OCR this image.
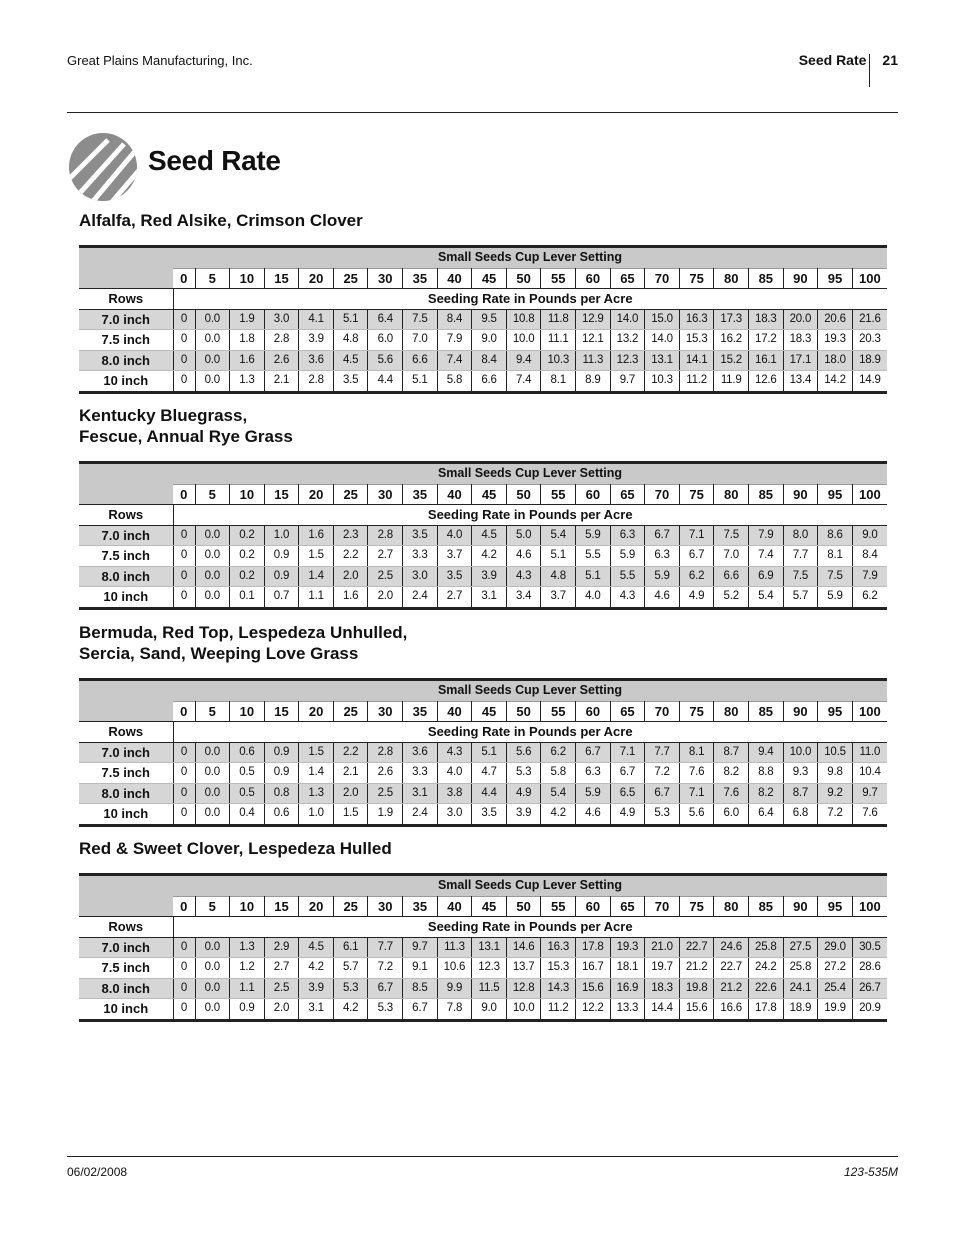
Great Plains Manufacturing, Inc.	Seed Rate 21
Seed Rate
Alfalfa, Red Alsike, Crimson Clover
	Small Seeds Cup Lever Setting																				
	0	5	10	15	20	25	30	35	40	45	50	55	60	65	70	75	80	85	90	95	100
Rows	Seeding Rate in Pounds per Acre																				
7.0 inch	0	0.0	1.9	3.0	4.1	5.1	6.4	7.5	8.4	9.5	10.8	11.8	12.9	14.0	15.0	16.3	17.3	18.3	20.0	20.6	21.6
7.5 inch	0	0.0	1.8	2.8	3.9	4.8	6.0	7.0	7.9	9.0	10.0	11.1	12.1	13.2	14.0	15.3	16.2	17.2	18.3	19.3	20.3
8.0 inch	0	0.0	1.6	2.6	3.6	4.5	5.6	6.6	7.4	8.4	9.4	10.3	11.3	12.3	13.1	14.1	15.2	16.1	17.1	18.0	18.9
10 inch	0	0.0	1.3	2.1	2.8	3.5	4.4	5.1	5.8	6.6	7.4	8.1	8.9	9.7	10.3	11.2	11.9	12.6	13.4	14.2	14.9
Kentucky Bluegrass,
Fescue, Annual Rye Grass
	Small Seeds Cup Lever Setting																				
	0	5	10	15	20	25	30	35	40	45	50	55	60	65	70	75	80	85	90	95	100
Rows	Seeding Rate in Pounds per Acre																				
7.0 inch	0	0.0	0.2	1.0	1.6	2.3	2.8	3.5	4.0	4.5	5.0	5.4	5.9	6.3	6.7	7.1	7.5	7.9	8.0	8.6	9.0
7.5 inch	0	0.0	0.2	0.9	1.5	2.2	2.7	3.3	3.7	4.2	4.6	5.1	5.5	5.9	6.3	6.7	7.0	7.4	7.7	8.1	8.4
8.0 inch	0	0.0	0.2	0.9	1.4	2.0	2.5	3.0	3.5	3.9	4.3	4.8	5.1	5.5	5.9	6.2	6.6	6.9	7.5	7.5	7.9
10 inch	0	0.0	0.1	0.7	1.1	1.6	2.0	2.4	2.7	3.1	3.4	3.7	4.0	4.3	4.6	4.9	5.2	5.4	5.7	5.9	6.2
Bermuda, Red Top, Lespedeza Unhulled,
Sercia, Sand, Weeping Love Grass
	Small Seeds Cup Lever Setting																				
	0	5	10	15	20	25	30	35	40	45	50	55	60	65	70	75	80	85	90	95	100
Rows	Seeding Rate in Pounds per Acre																				
7.0 inch	0	0.0	0.6	0.9	1.5	2.2	2.8	3.6	4.3	5.1	5.6	6.2	6.7	7.1	7.7	8.1	8.7	9.4	10.0	10.5	11.0
7.5 inch	0	0.0	0.5	0.9	1.4	2.1	2.6	3.3	4.0	4.7	5.3	5.8	6.3	6.7	7.2	7.6	8.2	8.8	9.3	9.8	10.4
8.0 inch	0	0.0	0.5	0.8	1.3	2.0	2.5	3.1	3.8	4.4	4.9	5.4	5.9	6.5	6.7	7.1	7.6	8.2	8.7	9.2	9.7
10 inch	0	0.0	0.4	0.6	1.0	1.5	1.9	2.4	3.0	3.5	3.9	4.2	4.6	4.9	5.3	5.6	6.0	6.4	6.8	7.2	7.6
Red & Sweet Clover, Lespedeza Hulled
	Small Seeds Cup Lever Setting																				
	0	5	10	15	20	25	30	35	40	45	50	55	60	65	70	75	80	85	90	95	100
Rows	Seeding Rate in Pounds per Acre																				
7.0 inch	0	0.0	1.3	2.9	4.5	6.1	7.7	9.7	11.3	13.1	14.6	16.3	17.8	19.3	21.0	22.7	24.6	25.8	27.5	29.0	30.5
7.5 inch	0	0.0	1.2	2.7	4.2	5.7	7.2	9.1	10.6	12.3	13.7	15.3	16.7	18.1	19.7	21.2	22.7	24.2	25.8	27.2	28.6
8.0 inch	0	0.0	1.1	2.5	3.9	5.3	6.7	8.5	9.9	11.5	12.8	14.3	15.6	16.9	18.3	19.8	21.2	22.6	24.1	25.4	26.7
10 inch	0	0.0	0.9	2.0	3.1	4.2	5.3	6.7	7.8	9.0	10.0	11.2	12.2	13.3	14.4	15.6	16.6	17.8	18.9	19.9	20.9
06/02/2008	123-535M
